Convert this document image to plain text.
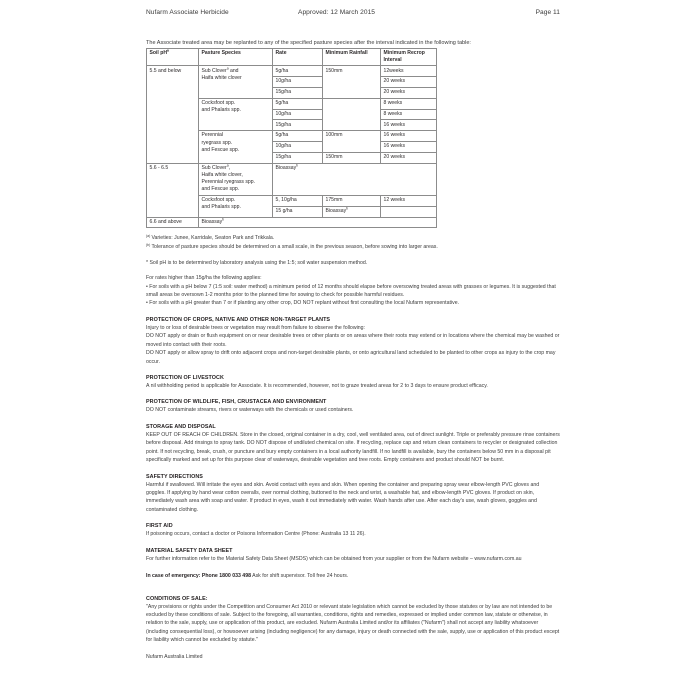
Nufarm Associate Herbicide	Approved: 12 March 2015	Page 11
The Associate treated area may be replanted to any of the specified pasture species after the interval indicated in the following table:
Soil pH$^a$	Pasture Species	Rate	Minimum Rainfall	Minimum Recrop Interval
5.5 and below	Sub Clover$^a$ and
Haifa white clover	5g/ha	150mm	12weeks
		10g/ha		20 weeks
		15g/ha		20 weeks
	Cocksfoot spp.
and Phalaris spp.	5g/ha		8 weeks
		10g/ha		8 weeks
		15g/ha		16 weeks
	Perennial
ryegrass spp.
and Fescue spp.	5g/ha	100mm	16 weeks
		10g/ha		16 weeks
		15g/ha	150mm	20 weeks
5.6 - 6.5	Sub Clover$^a$,
Haifa white clover,
Perennial ryegrass spp.
and Fescue spp.	Bioassay$^b$
	Cocksfoot spp.
and Phalaris spp.	5, 10g/ha	175mm	12 weeks
		15 g/ha	Bioassay$^b$	
6.6 and above	Bioassay$^b$
$^{(a)}$Varieties: Junee, Karridale, Seaton Park and Trikkala.
$^{(b)}$Tolerance of pasture species should be determined on a small scale, in the previous season, before sowing into larger areas.
* Soil pH is to be determined by laboratory analysis using the 1:5; soil water suspension method.

For rates higher than 15g/ha the following applies:

• For soils with a pH below 7 (1:5 soil: water method) a minimum period of 12 months should elapse before oversowing treated areas with grasses or legumes. It is suggested that small areas be oversown 1-2 months prior to the planned time for sowing to check for possible harmful residues.

• For soils with a pH greater than 7 or if planting any other crop, DO NOT replant without first consulting the local Nufarm representative.

PROTECTION OF CROPS, NATIVE AND OTHER NON-TARGET PLANTS

Injury to or loss of desirable trees or vegetation may result from failure to observe the following:

DO NOT apply or drain or flush equipment on or near desirable trees or other plants or on areas where their roots may extend or in locations where the chemical may be washed or moved into contact with their roots.

DO NOT apply or allow spray to drift onto adjacent crops and non-target desirable plants, or onto agricultural land scheduled to be planted to other crops as injury to the crop may occur.

PROTECTION OF LIVESTOCK

A nil withholding period is applicable for Associate. It is recommended, however, not to graze treated areas for 2 to 3 days to ensure product efficacy.

PROTECTION OF WILDLIFE, FISH, CRUSTACEA AND ENVIRONMENT

DO NOT contaminate streams, rivers or waterways with the chemicals or used containers.

STORAGE AND DISPOSAL

KEEP OUT OF REACH OF CHILDREN. Store in the closed, original container in a dry, cool, well ventilated area, out of direct sunlight. Triple or preferably pressure rinse containers before disposal. Add rinsings to spray tank. DO NOT dispose of undiluted chemical on site. If recycling, replace cap and return clean containers to recycler or designated collection point. If not recycling, break, crush, or puncture and bury empty containers in a local authority landfill. If no landfill is available, bury the containers below 50 mm in a disposal pit specifically marked and set up for this purpose clear of waterways, desirable vegetation and tree roots. Empty containers and product should NOT be burnt.

SAFETY DIRECTIONS

Harmful if swallowed. Will irritate the eyes and skin. Avoid contact with eyes and skin. When opening the container and preparing spray wear elbow-length PVC gloves and goggles. If applying by hand wear cotton overalls, over normal clothing, buttoned to the neck and wrist, a washable hat, and elbow-length PVC gloves. If product on skin, immediately wash area with soap and water. If product in eyes, wash it out immediately with water. Wash hands after use. After each day's use, wash gloves, goggles and contaminated clothing.

FIRST AID

If poisoning occurs, contact a doctor or Poisons Information Centre (Phone: Australia 13 11 26).

MATERIAL SAFETY DATA SHEET

For further information refer to the Material Safety Data Sheet (MSDS) which can be obtained from your supplier or from the Nufarm website – www.nufarm.com.au

In case of emergency: Phone 1800 033 498 Ask for shift supervisor. Toll free 24 hours.
CONDITIONS OF SALE:

"Any provisions or rights under the Competition and Consumer Act 2010 or relevant state legislation which cannot be excluded by those statutes or by law are not intended to be excluded by these conditions of sale. Subject to the foregoing, all warranties, conditions, rights and remedies, expressed or implied under common law, statute or otherwise, in relation to the sale, supply, use or application of this product, are excluded. Nufarm Australia Limited and/or its affiliates ("Nufarm") shall not accept any liability whatsoever (including consequential loss), or howsoever arising (including negligence) for any damage, injury or death connected with the sale, supply, use or application of this product except for liability which cannot be excluded by statute."

Nufarm Australia Limited
